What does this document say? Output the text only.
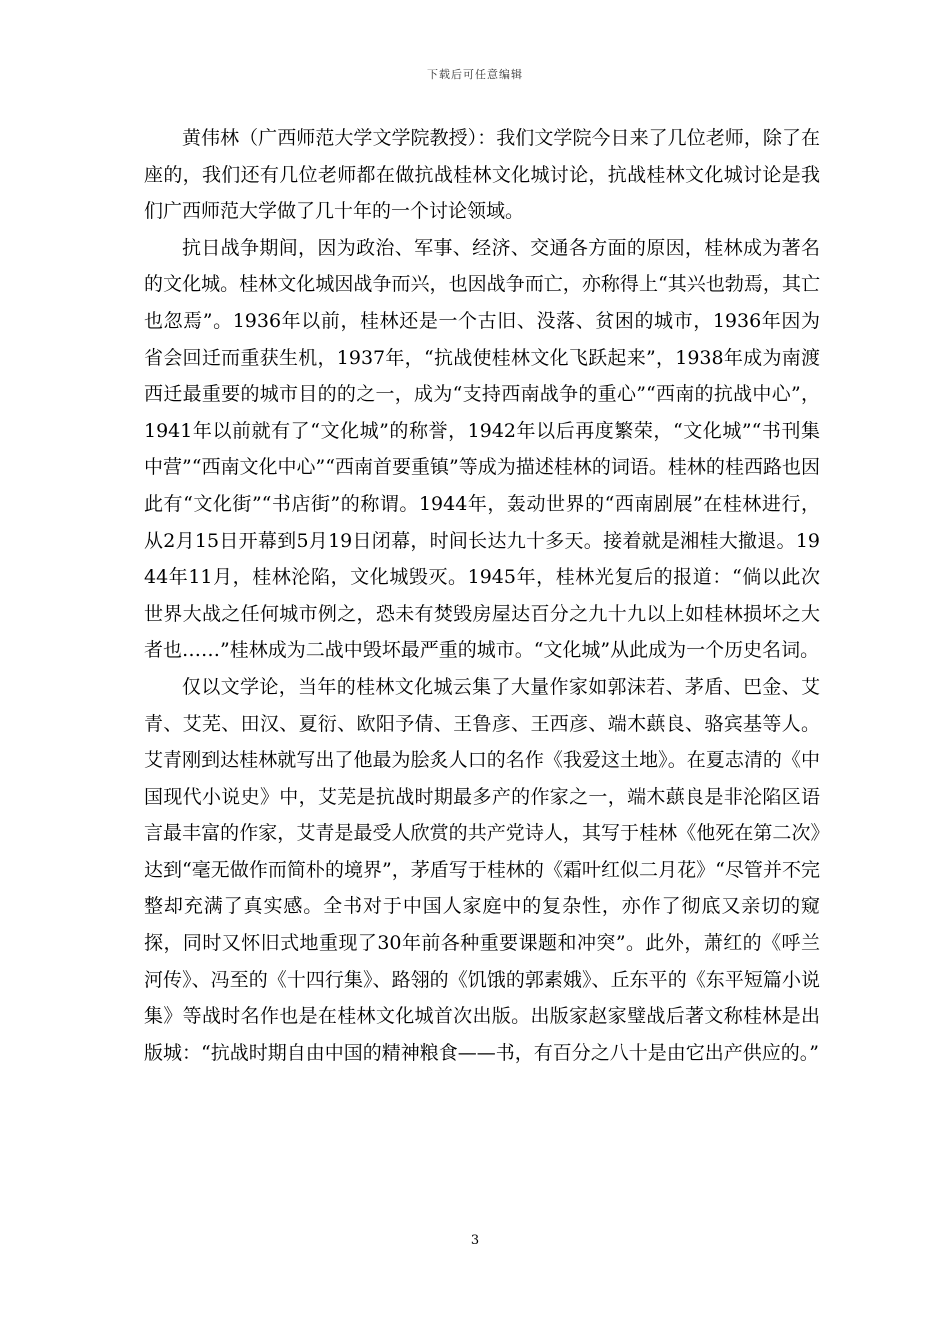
下载后可任意编辑

黄伟林（广西师范大学文学院教授）：我们文学院今日来了几位老师，除了在座的，我们还有几位老师都在做抗战桂林文化城讨论，抗战桂林文化城讨论是我们广西师范大学做了几十年的一个讨论领域。

抗日战争期间，因为政治、军事、经济、交通各方面的原因，桂林成为著名的文化城。桂林文化城因战争而兴，也因战争而亡，亦称得上“其兴也勃焉，其亡也忽焉”。1936年以前，桂林还是一个古旧、没落、贫困的城市，1936年因为省会回迁而重获生机，1937年，“抗战使桂林文化飞跃起来”，1938年成为南渡西迁最重要的城市目的的之一，成为“支持西南战争的重心”“西南的抗战中心”，1941年以前就有了“文化城”的称誉，1942年以后再度繁荣，“文化城”“书刊集中营”“西南文化中心”“西南首要重镇”等成为描述桂林的词语。桂林的桂西路也因此有“文化街”“书店街”的称谓。1944年，轰动世界的“西南剧展”在桂林进行，从2月15日开幕到5月19日闭幕，时间长达九十多天。接着就是湘桂大撤退。1944年11月，桂林沦陷，文化城毁灭。1945年，桂林光复后的报道：“倘以此次世界大战之任何城市例之，恐未有焚毁房屋达百分之九十九以上如桂林损坏之大者也……”桂林成为二战中毁坏最严重的城市。“文化城”从此成为一个历史名词。

仅以文学论，当年的桂林文化城云集了大量作家如郭沫若、茅盾、巴金、艾青、艾芜、田汉、夏衍、欧阳予倩、王鲁彦、王西彦、端木蕻良、骆宾基等人。艾青刚到达桂林就写出了他最为脍炙人口的名作《我爱这土地》。在夏志清的《中国现代小说史》中，艾芜是抗战时期最多产的作家之一，端木蕻良是非沦陷区语言最丰富的作家，艾青是最受人欣赏的共产党诗人，其写于桂林《他死在第二次》达到“毫无做作而简朴的境界”，茅盾写于桂林的《霜叶红似二月花》“尽管并不完整却充满了真实感。全书对于中国人家庭中的复杂性，亦作了彻底又亲切的窥探，同时又怀旧式地重现了30年前各种重要课题和冲突”。此外，萧红的《呼兰河传》、冯至的《十四行集》、路翎的《饥饿的郭素娥》、丘东平的《东平短篇小说集》等战时名作也是在桂林文化城首次出版。出版家赵家璧战后著文称桂林是出版城：“抗战时期自由中国的精神粮食——书，有百分之八十是由它出产供应的。”

3
